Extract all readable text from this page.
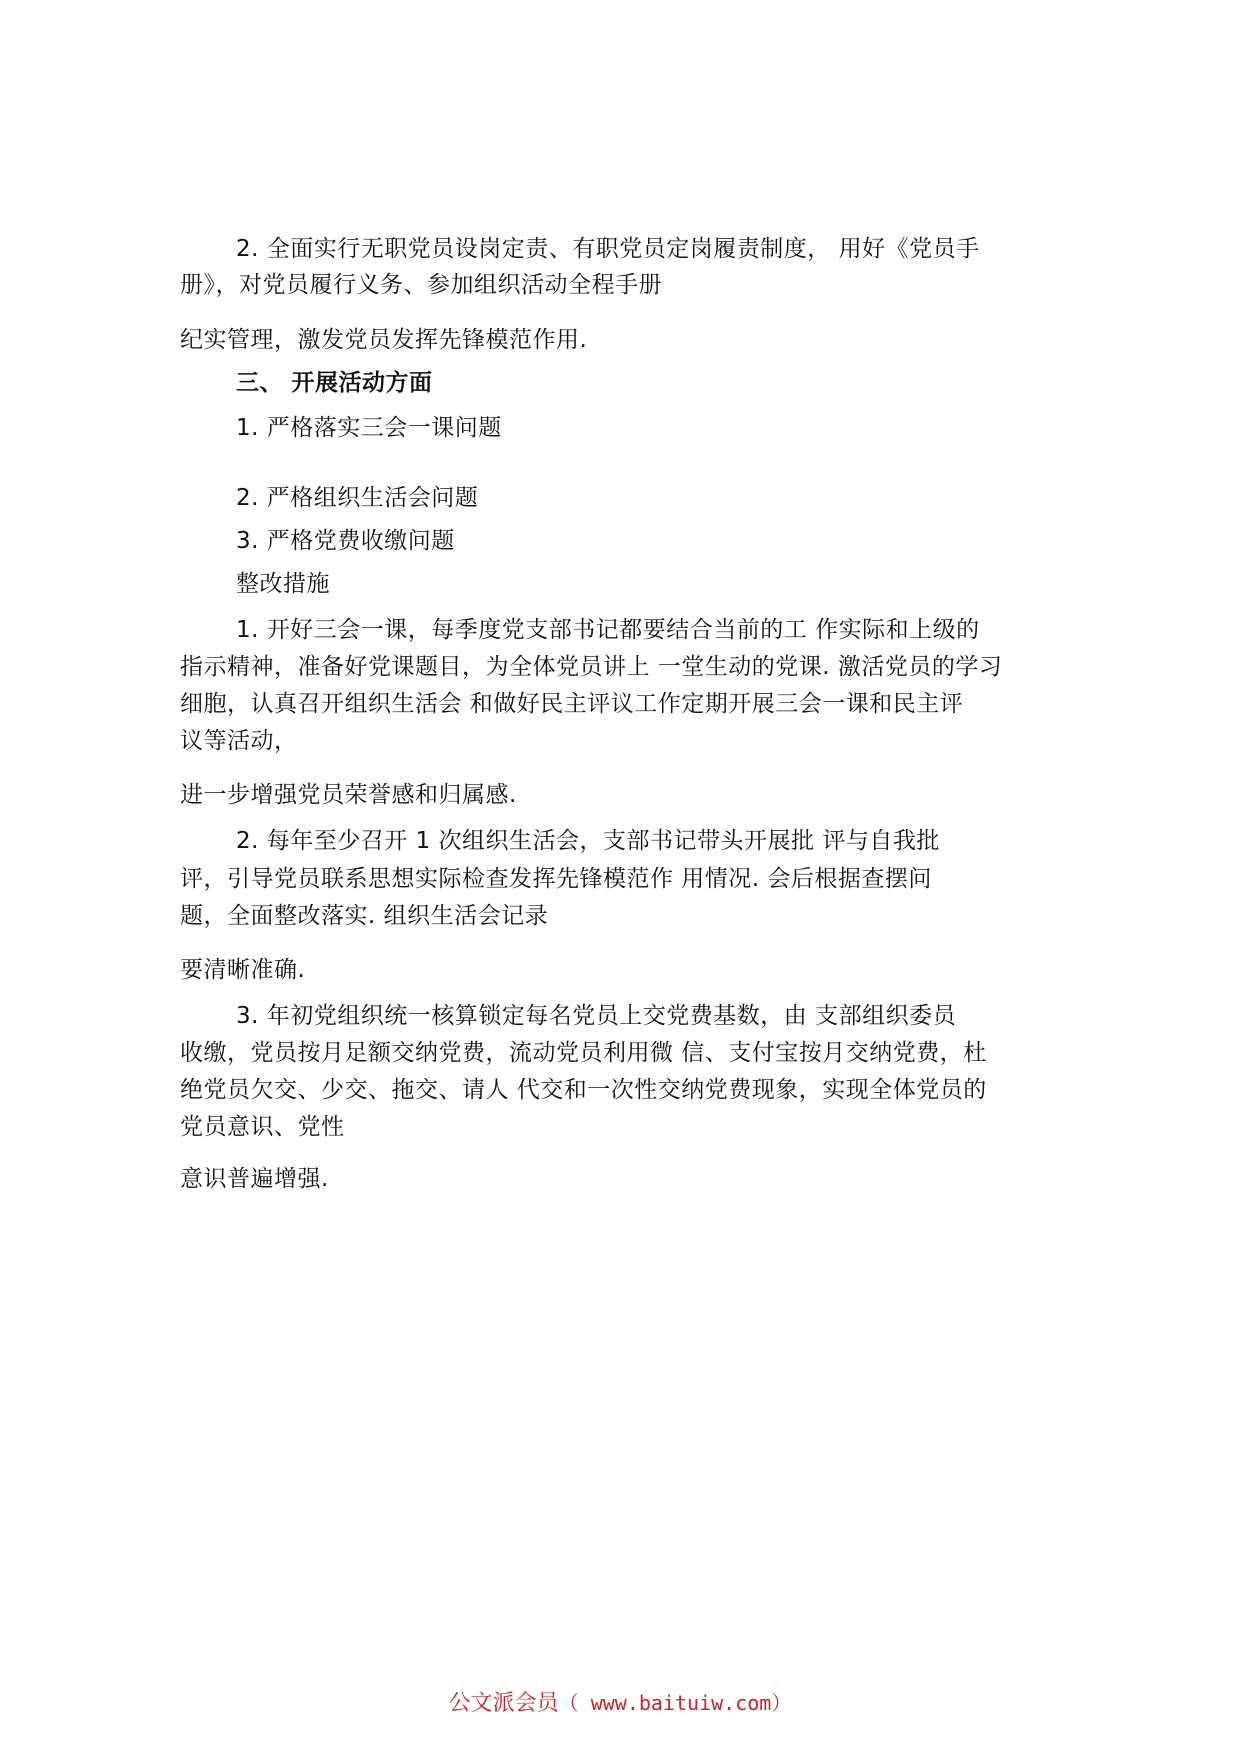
2. 全面实行无职党员设岗定责、有职党员定岗履责制度， 用好《党员手
册》，对党员履行义务、参加组织活动全程手册
纪实管理，激发党员发挥先锋模范作用.
三、 开展活动方面
1. 严格落实三会一课问题
2. 严格组织生活会问题
3. 严格党费收缴问题
整改措施
1. 开好三会一课，每季度党支部书记都要结合当前的工 作实际和上级的
指示精神，准备好党课题目，为全体党员讲上 一堂生动的党课. 激活党员的学习
细胞，认真召开组织生活会 和做好民主评议工作定期开展三会一课和民主评
议等活动，
进一步增强党员荣誉感和归属感.
2. 每年至少召开 1 次组织生活会，支部书记带头开展批 评与自我批
评，引导党员联系思想实际检查发挥先锋模范作 用情况. 会后根据查摆问
题，全面整改落实. 组织生活会记录
要清晰准确.
3. 年初党组织统一核算锁定每名党员上交党费基数，由 支部组织委员
收缴，党员按月足额交纳党费，流动党员利用微 信、支付宝按月交纳党费，杜
绝党员欠交、少交、拖交、请人 代交和一次性交纳党费现象，实现全体党员的
党员意识、党性
意识普遍增强.
公文派会员（ www.baituiw.com）
